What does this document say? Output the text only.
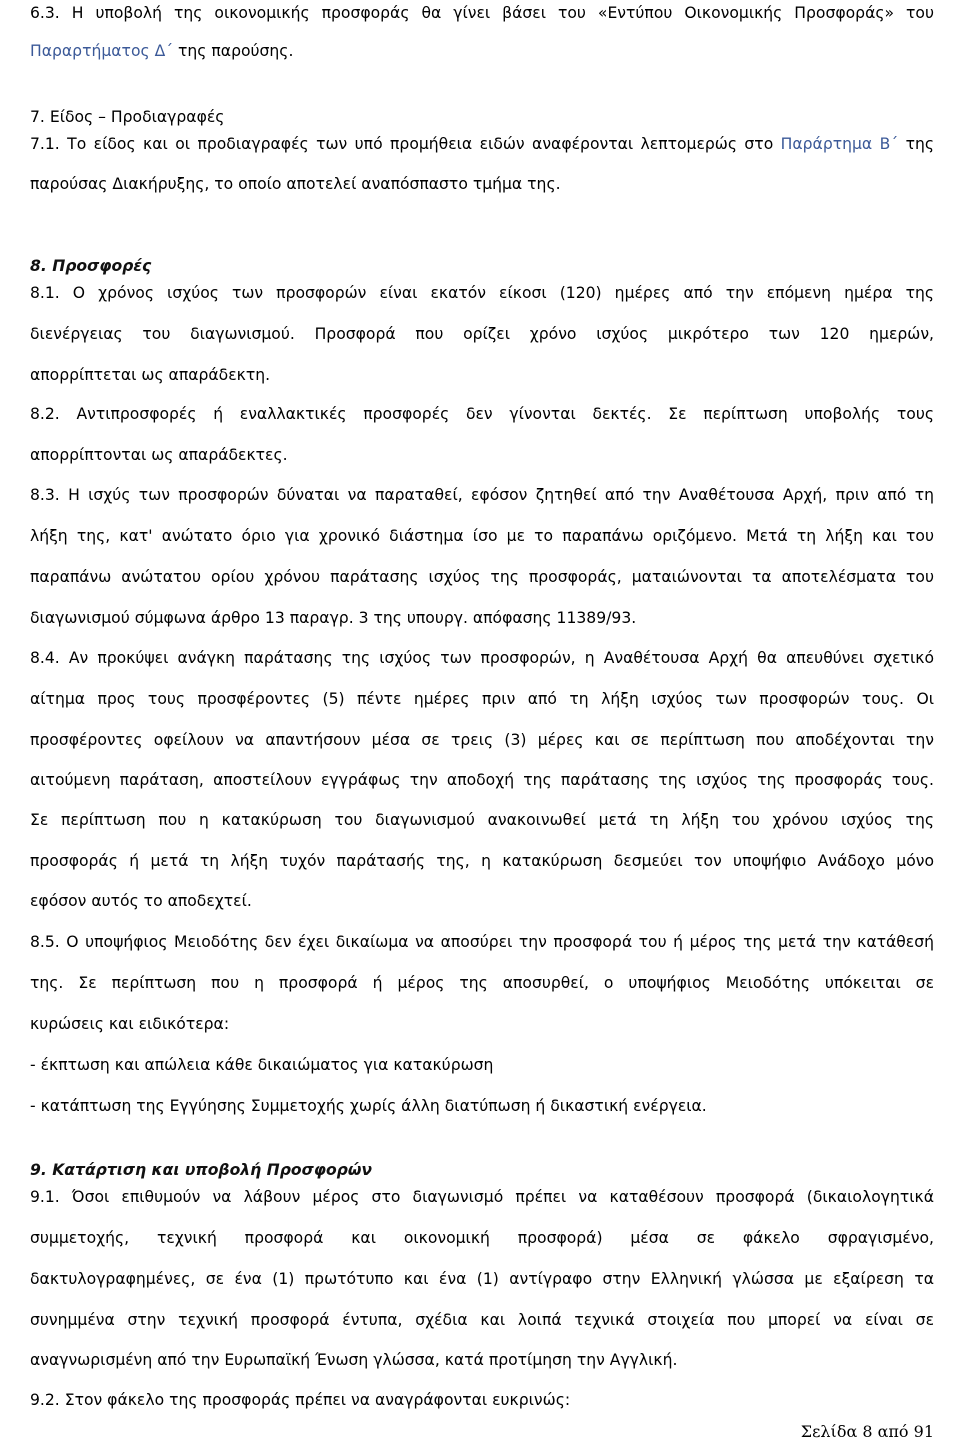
6.3. Η υποβολή της οικονομικής προσφοράς θα γίνει βάσει του «Εντύπου Οικονομικής Προσφοράς» του
Παραρτήματος Δ΄ της παρούσης.
7. Είδος – Προδιαγραφές
7.1. Το είδος και οι προδιαγραφές των υπό προμήθεια ειδών αναφέρονται λεπτομερώς στο Παράρτημα Β΄ της
παρούσας Διακήρυξης, το οποίο αποτελεί αναπόσπαστο τμήμα της.
8. Προσφορές
8.1. Ο χρόνος ισχύος των προσφορών είναι εκατόν είκοσι (120) ημέρες από την επόμενη ημέρα της
διενέργειας του διαγωνισμού. Προσφορά που ορίζει χρόνο ισχύος μικρότερο των 120 ημερών,
απορρίπτεται ως απαράδεκτη.
8.2. Αντιπροσφορές ή εναλλακτικές προσφορές δεν γίνονται δεκτές. Σε περίπτωση υποβολής τους
απορρίπτονται ως απαράδεκτες.
8.3. Η ισχύς των προσφορών δύναται να παραταθεί, εφόσον ζητηθεί από την Αναθέτουσα Αρχή, πριν από τη
λήξη της, κατ' ανώτατο όριο για χρονικό διάστημα ίσο με το παραπάνω οριζόμενο. Μετά τη λήξη και του
παραπάνω ανώτατου ορίου χρόνου παράτασης ισχύος της προσφοράς, ματαιώνονται τα αποτελέσματα του
διαγωνισμού σύμφωνα άρθρο 13 παραγρ. 3 της υπουργ. απόφασης 11389/93.
8.4. Αν προκύψει ανάγκη παράτασης της ισχύος των προσφορών, η Αναθέτουσα Αρχή θα απευθύνει σχετικό
αίτημα προς τους προσφέροντες (5) πέντε ημέρες πριν από τη λήξη ισχύος των προσφορών τους. Οι
προσφέροντες οφείλουν να απαντήσουν μέσα σε τρεις (3) μέρες και σε περίπτωση που αποδέχονται την
αιτούμενη παράταση, αποστείλουν εγγράφως την αποδοχή της παράτασης της ισχύος της προσφοράς τους.
Σε περίπτωση που η κατακύρωση του διαγωνισμού ανακοινωθεί μετά τη λήξη του χρόνου ισχύος της
προσφοράς ή μετά τη λήξη τυχόν παράτασής της, η κατακύρωση δεσμεύει τον υποψήφιο Ανάδοχο μόνο
εφόσον αυτός το αποδεχτεί.
8.5. Ο υποψήφιος Μειοδότης δεν έχει δικαίωμα να αποσύρει την προσφορά του ή μέρος της μετά την κατάθεσή
της. Σε περίπτωση που η προσφορά ή μέρος της αποσυρθεί, ο υποψήφιος Μειοδότης υπόκειται σε
κυρώσεις και ειδικότερα:
- έκπτωση και απώλεια κάθε δικαιώματος για κατακύρωση
- κατάπτωση της Εγγύησης Συμμετοχής χωρίς άλλη διατύπωση ή δικαστική ενέργεια.
9. Κατάρτιση και υποβολή Προσφορών
9.1. Όσοι επιθυμούν να λάβουν μέρος στο διαγωνισμό πρέπει να καταθέσουν προσφορά (δικαιολογητικά
συμμετοχής, τεχνική προσφορά και οικονομική προσφορά) μέσα σε φάκελο σφραγισμένο,
δακτυλογραφημένες, σε ένα (1) πρωτότυπο και ένα (1) αντίγραφο στην Ελληνική γλώσσα με εξαίρεση τα
συνημμένα στην τεχνική προσφορά έντυπα, σχέδια και λοιπά τεχνικά στοιχεία που μπορεί να είναι σε
αναγνωρισμένη από την Ευρωπαϊκή Ένωση γλώσσα, κατά προτίμηση την Αγγλική.
9.2. Στον φάκελο της προσφοράς πρέπει να αναγράφονται ευκρινώς:
Σελίδα 8 από 91
